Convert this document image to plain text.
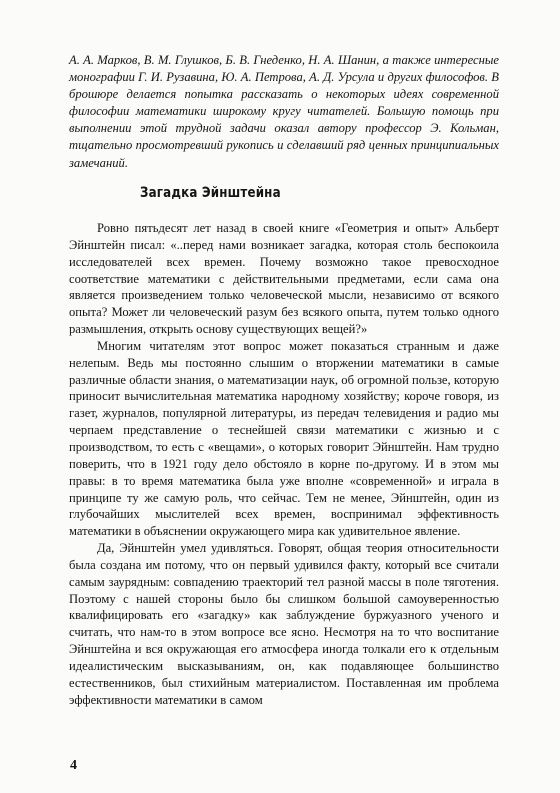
А. А. Марков, В. М. Глушков, Б. В. Гнеденко, Н. А. Шанин, а также интересные монографии Г. И. Рузавина, Ю. А. Петрова, А. Д. Урсула и других философов. В брошюре делается попытка рассказать о некоторых идеях современной философии математики широкому кругу читателей. Большую помощь при выполнении этой трудной задачи оказал автору профессор Э. Кольман, тщательно просмотревший рукопись и сделавший ряд ценных принципиальных замечаний.

Загадка Эйнштейна

Ровно пятьдесят лет назад в своей книге «Геометрия и опыт» Альберт Эйнштейн писал: «..перед нами возникает загадка, которая столь беспокоила исследователей всех времен. Почему возможно такое превосходное соответствие математики с действительными предметами, если сама она является произведением только человеческой мысли, независимо от всякого опыта? Может ли человеческий разум без всякого опыта, путем только одного размышления, открыть основу существующих вещей?»

Многим читателям этот вопрос может показаться странным и даже нелепым. Ведь мы постоянно слышим о вторжении математики в самые различные области знания, о математизации наук, об огромной пользе, которую приносит вычислительная математика народному хозяйству; короче говоря, из газет, журналов, популярной литературы, из передач телевидения и радио мы черпаем представление о теснейшей связи математики с жизнью и с производством, то есть с «вещами», о которых говорит Эйнштейн. Нам трудно поверить, что в 1921 году дело обстояло в корне по-другому. И в этом мы правы: в то время математика была уже вполне «современной» и играла в принципе ту же самую роль, что сейчас. Тем не менее, Эйнштейн, один из глубочайших мыслителей всех времен, воспринимал эффективность математики в объяснении окружающего мира как удивительное явление.

Да, Эйнштейн умел удивляться. Говорят, общая теория относительности была создана им потому, что он первый удивился факту, который все считали самым заурядным: совпадению траекторий тел разной массы в поле тяготения. Поэтому с нашей стороны было бы слишком большой самоуверенностью квалифицировать его «загадку» как заблуждение буржуазного ученого и считать, что нам-то в этом вопросе все ясно. Несмотря на то что воспитание Эйнштейна и вся окружающая его атмосфера иногда толкали его к отдельным идеалистическим высказываниям, он, как подавляющее большинство естественников, был стихийным материалистом. Поставленная им проблема эффективности математики в самом

4
